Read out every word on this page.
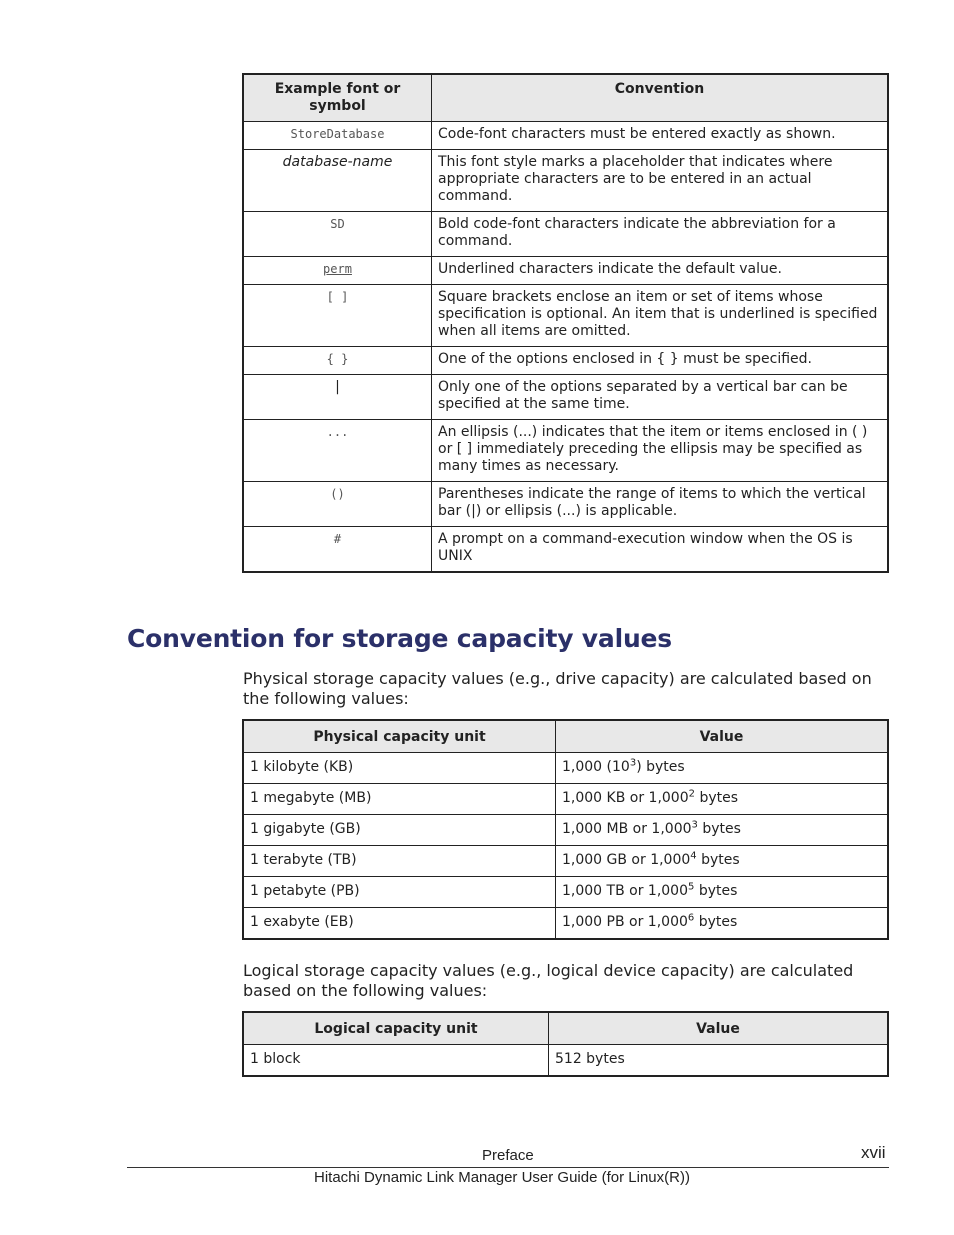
Example font or symbol	Convention
StoreDatabase	Code-font characters must be entered exactly as shown.
database-name	This font style marks a placeholder that indicates where appropriate characters are to be entered in an actual command.
SD	Bold code-font characters indicate the abbreviation for a command.
perm	Underlined characters indicate the default value.
[ ]	Square brackets enclose an item or set of items whose specification is optional. An item that is underlined is specified when all items are omitted.
{ }	One of the options enclosed in { } must be specified.
|	Only one of the options separated by a vertical bar can be specified at the same time.
...	An ellipsis (...) indicates that the item or items enclosed in ( ) or [ ] immediately preceding the ellipsis may be specified as many times as necessary.
()	Parentheses indicate the range of items to which the vertical bar (|) or ellipsis (...) is applicable.
#	A prompt on a command-execution window when the OS is UNIX
Convention for storage capacity values

Physical storage capacity values (e.g., drive capacity) are calculated based on the following values:

Physical capacity unit	Value
1 kilobyte (KB)	1,000 $(10^3)$ bytes
1 megabyte (MB)	1,000 KB or 1,000$^2$ bytes
1 gigabyte (GB)	1,000 MB or 1,000$^3$ bytes
1 terabyte (TB)	1,000 GB or 1,000$^4$ bytes
1 petabyte (PB)	1,000 TB or 1,000$^5$ bytes
1 exabyte (EB)	1,000 PB or 1,000$^6$ bytes

Logical storage capacity values (e.g., logical device capacity) are calculated based on the following values:

Logical capacity unit	Value
1 block	512 bytes
Preface	xvii
Hitachi Dynamic Link Manager User Guide (for Linux(R))
